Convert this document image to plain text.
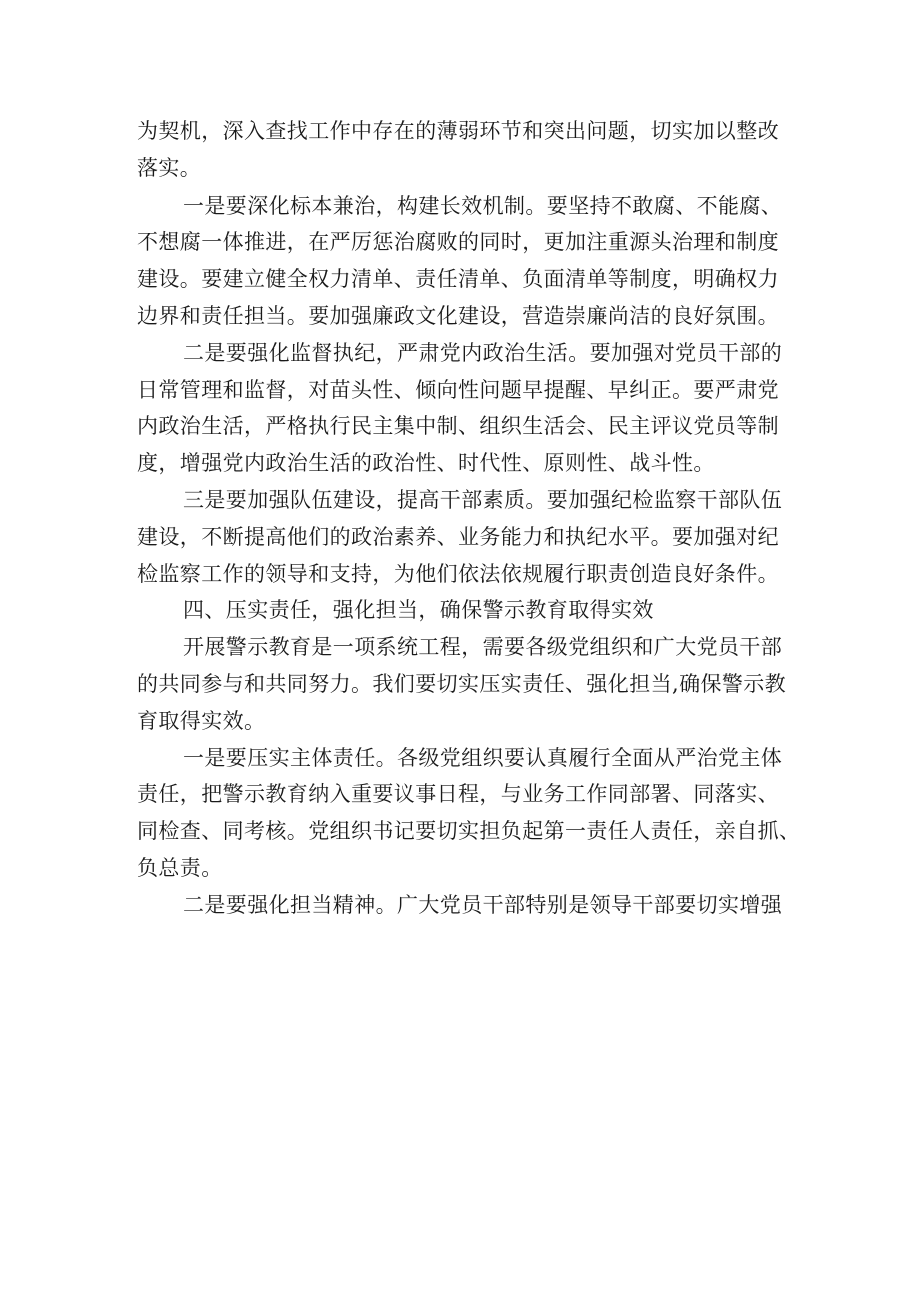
为契机，深入查找工作中存在的薄弱环节和突出问题，切实加以整改
落实。
一是要深化标本兼治，构建长效机制。要坚持不敢腐、不能腐、
不想腐一体推进，在严厉惩治腐败的同时，更加注重源头治理和制度
建设。要建立健全权力清单、责任清单、负面清单等制度，明确权力
边界和责任担当。要加强廉政文化建设，营造崇廉尚洁的良好氛围。
二是要强化监督执纪，严肃党内政治生活。要加强对党员干部的
日常管理和监督，对苗头性、倾向性问题早提醒、早纠正。要严肃党
内政治生活，严格执行民主集中制、组织生活会、民主评议党员等制
度，增强党内政治生活的政治性、时代性、原则性、战斗性。
三是要加强队伍建设，提高干部素质。要加强纪检监察干部队伍
建设，不断提高他们的政治素养、业务能力和执纪水平。要加强对纪
检监察工作的领导和支持，为他们依法依规履行职责创造良好条件。
四、压实责任，强化担当，确保警示教育取得实效
开展警示教育是一项系统工程，需要各级党组织和广大党员干部
的共同参与和共同努力。我们要切实压实责任、强化担当,确保警示教
育取得实效。
一是要压实主体责任。各级党组织要认真履行全面从严治党主体
责任，把警示教育纳入重要议事日程，与业务工作同部署、同落实、
同检查、同考核。党组织书记要切实担负起第一责任人责任，亲自抓、
负总责。
二是要强化担当精神。广大党员干部特别是领导干部要切实增强
